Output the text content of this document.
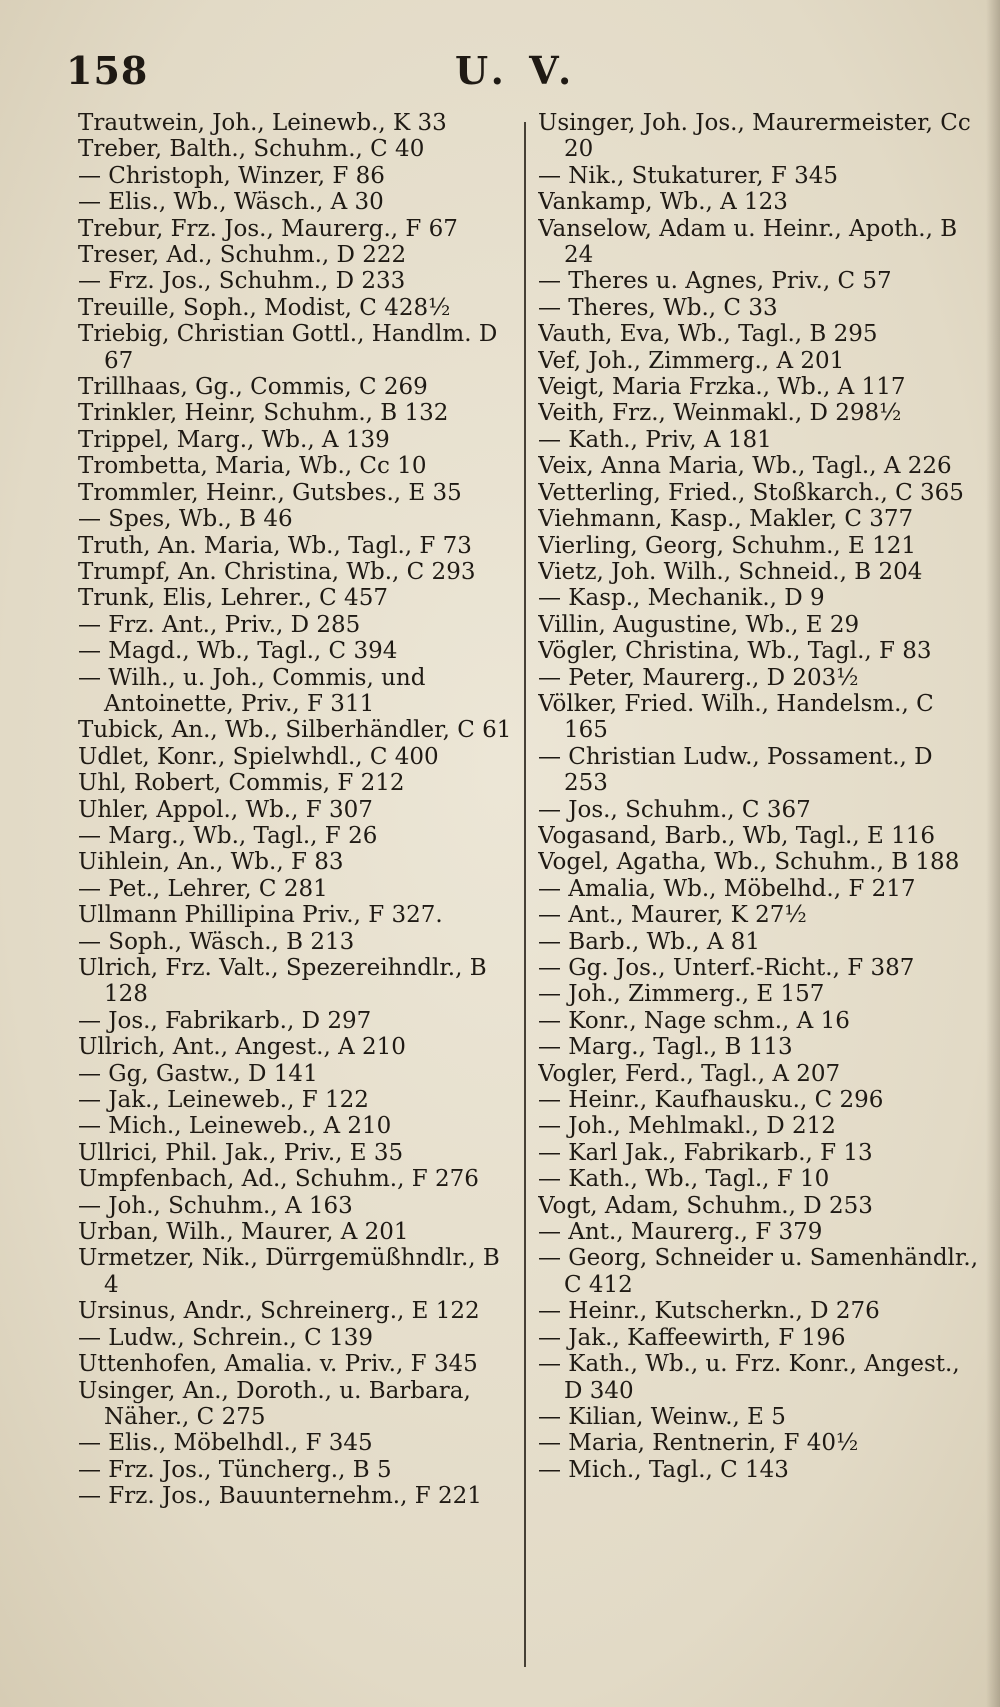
158	U. V.
Trautwein, Joh., Leinewb., K 33
Treber, Balth., Schuhm., C 40
— Christoph, Winzer, F 86
— Elis., Wb., Wäsch., A 30
Trebur, Frz. Jos., Maurerg., F 67
Treser, Ad., Schuhm., D 222
— Frz. Jos., Schuhm., D 233
Treuille, Soph., Modist, C 428½
Triebig, Christian Gottl., Handlm. D 67
Trillhaas, Gg., Commis, C 269
Trinkler, Heinr, Schuhm., B 132
Trippel, Marg., Wb., A 139
Trombetta, Maria, Wb., Cc 10
Trommler, Heinr., Gutsbes., E 35
— Spes, Wb., B 46
Truth, An. Maria, Wb., Tagl., F 73
Trumpf, An. Christina, Wb., C 293
Trunk, Elis, Lehrer., C 457
— Frz. Ant., Priv., D 285
— Magd., Wb., Tagl., C 394
— Wilh., u. Joh., Commis, und Antoinette, Priv., F 311
Tubick, An., Wb., Silberhändler, C 61
Udlet, Konr., Spielwhdl., C 400
Uhl, Robert, Commis, F 212
Uhler, Appol., Wb., F 307
— Marg., Wb., Tagl., F 26
Uihlein, An., Wb., F 83
— Pet., Lehrer, C 281
Ullmann Phillipina Priv., F 327.
— Soph., Wäsch., B 213
Ulrich, Frz. Valt., Spezereihndlr., B 128
— Jos., Fabrikarb., D 297
Ullrich, Ant., Angest., A 210
— Gg, Gastw., D 141
— Jak., Leineweb., F 122
— Mich., Leineweb., A 210
Ullrici, Phil. Jak., Priv., E 35
Umpfenbach, Ad., Schuhm., F 276
— Joh., Schuhm., A 163
Urban, Wilh., Maurer, A 201
Urmetzer, Nik., Dürrgemüßhndlr., B 4
Ursinus, Andr., Schreinerg., E 122
— Ludw., Schrein., C 139
Uttenhofen, Amalia. v. Priv., F 345
Usinger, An., Doroth., u. Barbara, Näher., C 275
— Elis., Möbelhdl., F 345
— Frz. Jos., Tüncherg., B 5
— Frz. Jos., Bauunternehm., F 221
Usinger, Joh. Jos., Maurermeister, Cc 20
— Nik., Stukaturer, F 345
Vankamp, Wb., A 123
Vanselow, Adam u. Heinr., Apoth., B 24
— Theres u. Agnes, Priv., C 57
— Theres, Wb., C 33
Vauth, Eva, Wb., Tagl., B 295
Vef, Joh., Zimmerg., A 201
Veigt, Maria Frzka., Wb., A 117
Veith, Frz., Weinmakl., D 298½
— Kath., Priv, A 181
Veix, Anna Maria, Wb., Tagl., A 226
Vetterling, Fried., Stoßkarch., C 365
Viehmann, Kasp., Makler, C 377
Vierling, Georg, Schuhm., E 121
Vietz, Joh. Wilh., Schneid., B 204
— Kasp., Mechanik., D 9
Villin, Augustine, Wb., E 29
Vögler, Christina, Wb., Tagl., F 83
— Peter, Maurerg., D 203½
Völker, Fried. Wilh., Handelsm., C 165
— Christian Ludw., Possament., D 253
— Jos., Schuhm., C 367
Vogasand, Barb., Wb, Tagl., E 116
Vogel, Agatha, Wb., Schuhm., B 188
— Amalia, Wb., Möbelhd., F 217
— Ant., Maurer, K 27½
— Barb., Wb., A 81
— Gg. Jos., Unterf.-Richt., F 387
— Joh., Zimmerg., E 157
— Konr., Nage schm., A 16
— Marg., Tagl., B 113
Vogler, Ferd., Tagl., A 207
— Heinr., Kaufhausku., C 296
— Joh., Mehlmakl., D 212
— Karl Jak., Fabrikarb., F 13
— Kath., Wb., Tagl., F 10
Vogt, Adam, Schuhm., D 253
— Ant., Maurerg., F 379
— Georg, Schneider u. Samenhändlr., C 412
— Heinr., Kutscherkn., D 276
— Jak., Kaffeewirth, F 196
— Kath., Wb., u. Frz. Konr., Angest., D 340
— Kilian, Weinw., E 5
— Maria, Rentnerin, F 40½
— Mich., Tagl., C 143
